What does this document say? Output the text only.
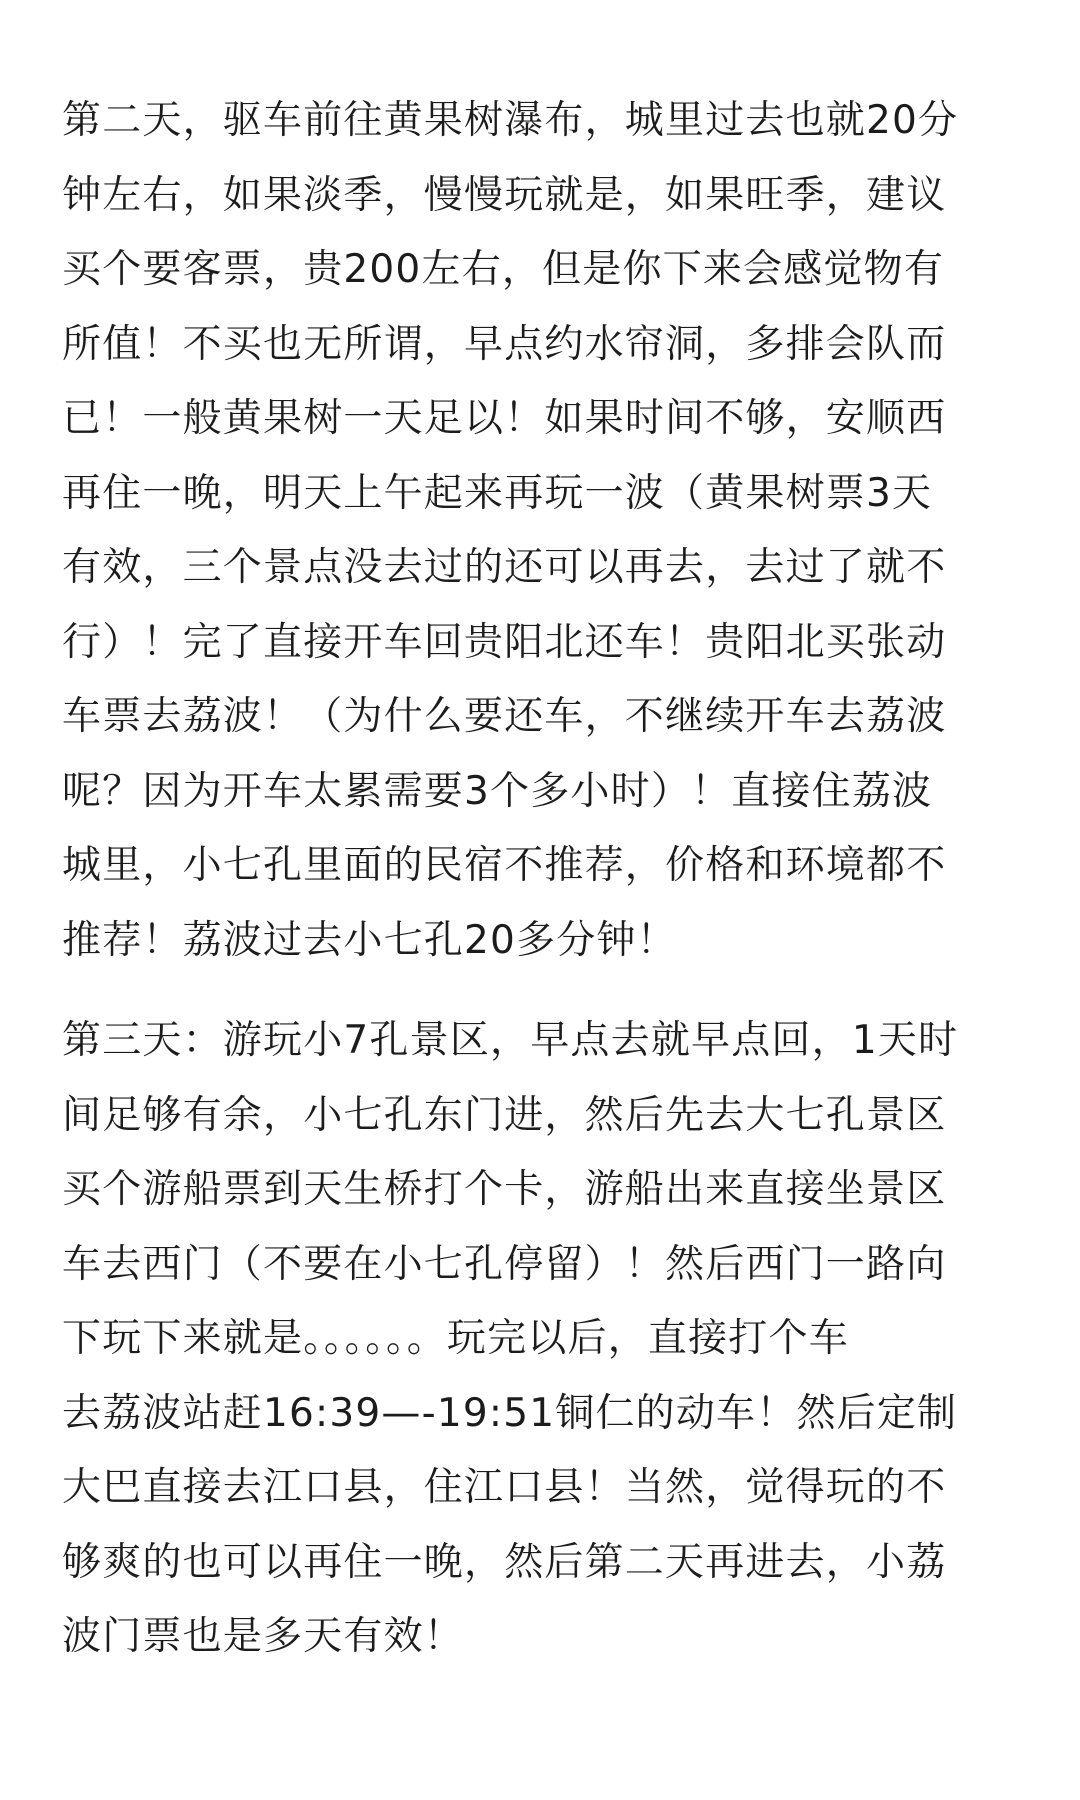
第二天，驱车前往黄果树瀑布，城里过去也就20分
钟左右，如果淡季，慢慢玩就是，如果旺季，建议
买个要客票，贵200左右，但是你下来会感觉物有
所值！不买也无所谓，早点约水帘洞，多排会队而
已！一般黄果树一天足以！如果时间不够，安顺西
再住一晚，明天上午起来再玩一波（黄果树票3天
有效，三个景点没去过的还可以再去，去过了就不
行）！完了直接开车回贵阳北还车！贵阳北买张动
车票去荔波！（为什么要还车，不继续开车去荔波
呢？因为开车太累需要3个多小时）！直接住荔波
城里，小七孔里面的民宿不推荐，价格和环境都不
推荐！荔波过去小七孔20多分钟！

第三天：游玩小7孔景区，早点去就早点回，1天时
间足够有余，小七孔东门进，然后先去大七孔景区
买个游船票到天生桥打个卡，游船出来直接坐景区
车去西门（不要在小七孔停留）！然后西门一路向
下玩下来就是。。。。。。玩完以后，直接打个车
去荔波站赶16:39—-19:51铜仁的动车！然后定制
大巴直接去江口县，住江口县！当然，觉得玩的不
够爽的也可以再住一晚，然后第二天再进去，小荔
波门票也是多天有效！
